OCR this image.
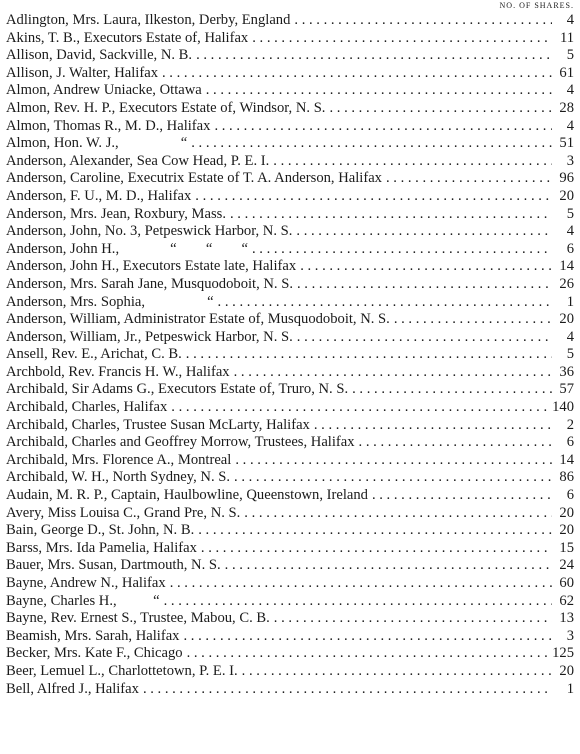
NO. OF SHARES.
Adlington, Mrs. Laura, Ilkeston, Derby, England . . .	4
Akins, T. B., Executors Estate of, Halifax . . .	11
Allison, David, Sackville, N. B. . . .	5
Allison, J. Walter, Halifax . . .	61
Almon, Andrew Uniacke, Ottawa . . .	4
Almon, Rev. H. P., Executors Estate of, Windsor, N. S. . . .	28
Almon, Thomas R., M. D., Halifax . . .	4
Almon, Hon. W. J.,                 “ . . .	51
Anderson, Alexander, Sea Cow Head, P. E. I. . . .	3
Anderson, Caroline, Executrix Estate of T. A. Anderson, Halifax . . .	96
Anderson, F. U., M. D., Halifax . . .	20
Anderson, Mrs. Jean, Roxbury, Mass. . . .	5
Anderson, John, No. 3, Petpeswick Harbor, N. S. . . .	4
Anderson, John H.,              “        “        “ . . .	6
Anderson, John H., Executors Estate late, Halifax . . .	14
Anderson, Mrs. Sarah Jane, Musquodoboit, N. S. . . .	26
Anderson, Mrs. Sophia,                 “ . . .	1
Anderson, William, Administrator Estate of, Musquodoboit, N. S. . . .	20
Anderson, William, Jr., Petpeswick Harbor, N. S. . . .	4
Ansell, Rev. E., Arichat, C. B. . . .	5
Archbold, Rev. Francis H. W., Halifax . . .	36
Archibald, Sir Adams G., Executors Estate of, Truro, N. S. . . .	57
Archibald, Charles, Halifax . . .	140
Archibald, Charles, Trustee Susan McLarty, Halifax . . .	2
Archibald, Charles and Geoffrey Morrow, Trustees, Halifax . . .	6
Archibald, Mrs. Florence A., Montreal . . .	14
Archibald, W. H., North Sydney, N. S. . . .	86
Audain, M. R. P., Captain, Haulbowline, Queenstown, Ireland . . .	6
Avery, Miss Louisa C., Grand Pre, N. S. . . .	20
Bain, George D., St. John, N. B. . . .	20
Barss, Mrs. Ida Pamelia, Halifax . . .	15
Bauer, Mrs. Susan, Dartmouth, N. S. . . .	24
Bayne, Andrew N., Halifax . . .	60
Bayne, Charles H.,          “ . . .	62
Bayne, Rev. Ernest S., Trustee, Mabou, C. B. . . .	13
Beamish, Mrs. Sarah, Halifax . . .	3
Becker, Mrs. Kate F., Chicago . . .	125
Beer, Lemuel L., Charlottetown, P. E. I. . . .	20
Bell, Alfred J., Halifax . . .	1
